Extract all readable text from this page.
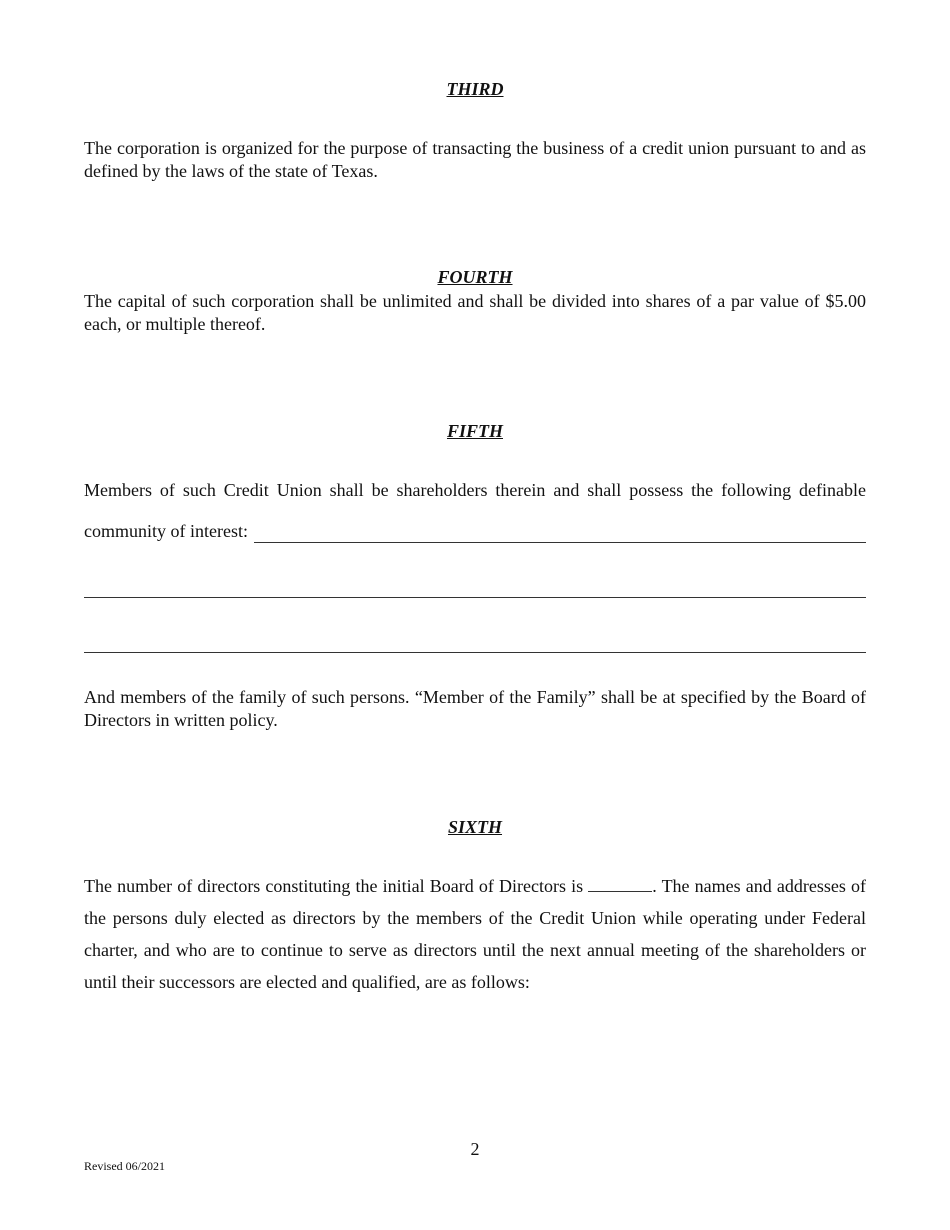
THIRD
The corporation is organized for the purpose of transacting the business of a credit union pursuant to and as defined by the laws of the state of Texas.
FOURTH
The capital of such corporation shall be unlimited and shall be divided into shares of a par value of $5.00 each, or multiple thereof.
FIFTH
Members of such Credit Union shall be shareholders therein and shall possess the following definable
community of interest:
And members of the family of such persons. “Member of the Family” shall be at specified by the Board of Directors in written policy.
SIXTH
The number of directors constituting the initial Board of Directors is	. The names and addresses of the persons duly elected as directors by the members of the Credit Union while operating under Federal charter, and who are to continue to serve as directors until the next annual meeting of the shareholders or until their successors are elected and qualified, are as follows:
2
Revised 06/2021
